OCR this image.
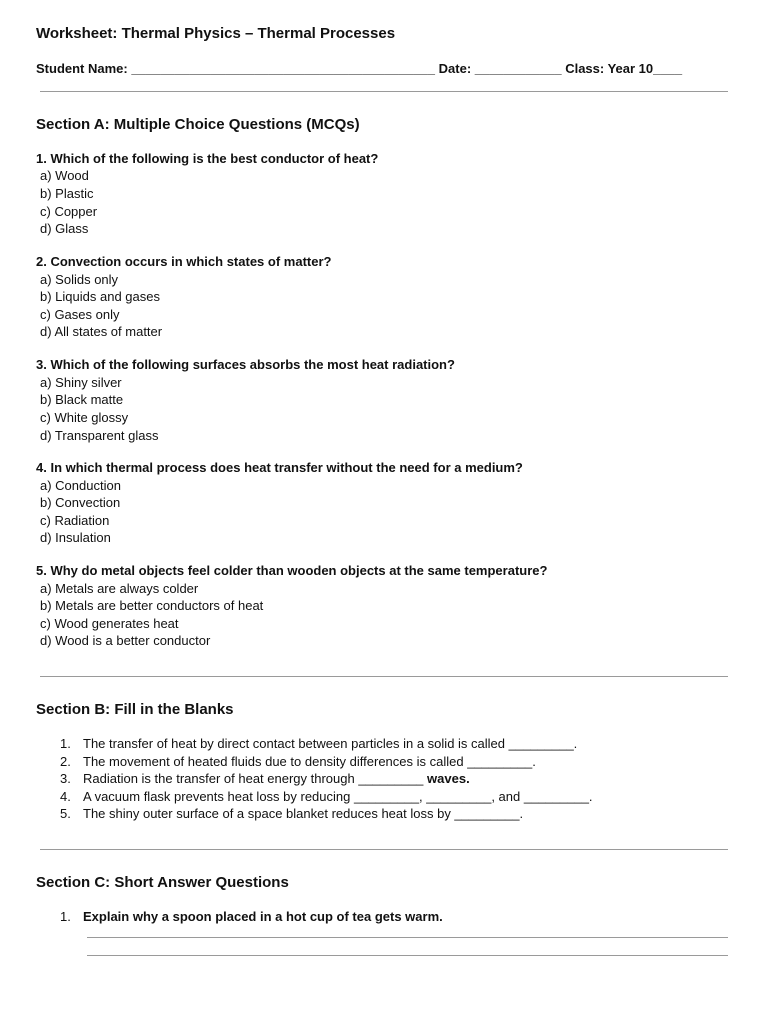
Worksheet: Thermal Physics – Thermal Processes
Student Name: __________________________________________ Date: ____________ Class: Year 10____
Section A: Multiple Choice Questions (MCQs)
1. Which of the following is the best conductor of heat?
a) Wood
b) Plastic
c) Copper
d) Glass
2. Convection occurs in which states of matter?
a) Solids only
b) Liquids and gases
c) Gases only
d) All states of matter
3. Which of the following surfaces absorbs the most heat radiation?
a) Shiny silver
b) Black matte
c) White glossy
d) Transparent glass
4. In which thermal process does heat transfer without the need for a medium?
a) Conduction
b) Convection
c) Radiation
d) Insulation
5. Why do metal objects feel colder than wooden objects at the same temperature?
a) Metals are always colder
b) Metals are better conductors of heat
c) Wood generates heat
d) Wood is a better conductor
Section B: Fill in the Blanks
1. The transfer of heat by direct contact between particles in a solid is called _________.
2. The movement of heated fluids due to density differences is called _________.
3. Radiation is the transfer of heat energy through _________ waves.
4. A vacuum flask prevents heat loss by reducing _________, _________, and _________.
5. The shiny outer surface of a space blanket reduces heat loss by _________.
Section C: Short Answer Questions
1. Explain why a spoon placed in a hot cup of tea gets warm.
